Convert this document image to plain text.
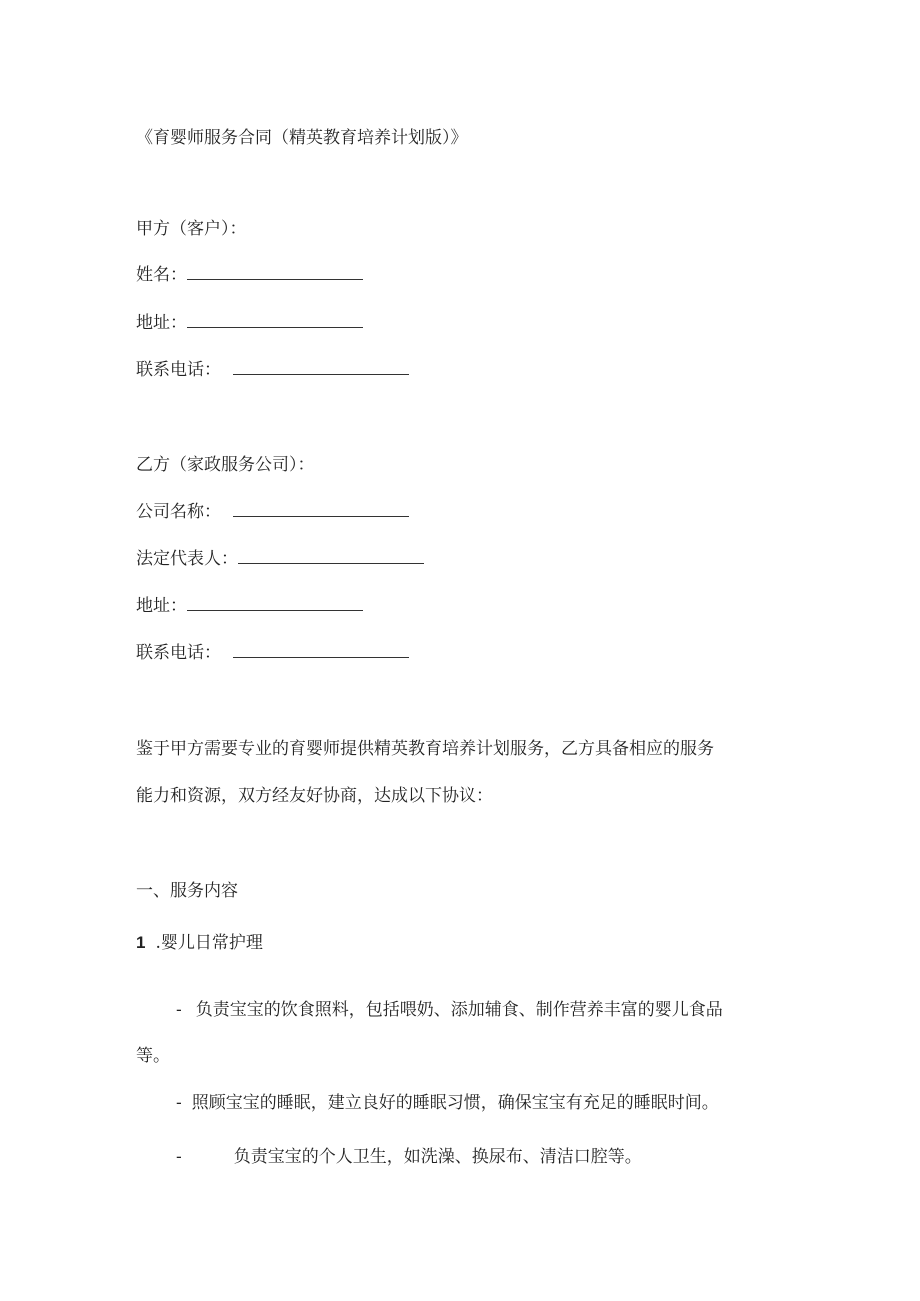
《育婴师服务合同（精英教育培养计划版）》
甲方（客户）：
姓名：
地址：
联系电话：
乙方（家政服务公司）：
公司名称：
法定代表人：
地址：
联系电话：
鉴于甲方需要专业的育婴师提供精英教育培养计划服务，乙方具备相应的服务
能力和资源，双方经友好协商，达成以下协议：
一、服务内容
1 .婴儿日常护理
- 负责宝宝的饮食照料，包括喂奶、添加辅食、制作营养丰富的婴儿食品
等。
- 照顾宝宝的睡眠，建立良好的睡眠习惯，确保宝宝有充足的睡眠时间。
-	负责宝宝的个人卫生，如洗澡、换尿布、清洁口腔等。
